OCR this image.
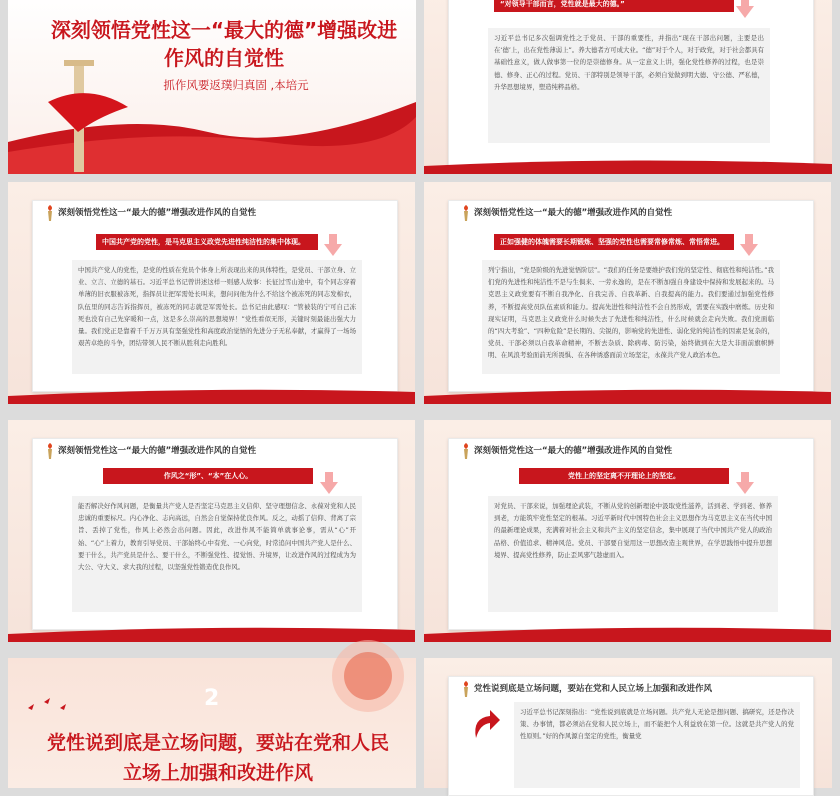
深刻领悟党性这一“最大的德”增强改进作风的自觉性
抓作风要返璞归真固 ,本培元
“对领导干部而言，党性就是最大的德。”
习近平总书记多次强调党性之于党员、干部的重要性，并指出“现在干部出问题，主要是出在‘德’上，出在党性薄弱上”。养大德者方可成大业。“德”对于个人，对于政党，对于社会都具有基础性意义，做人做事第一位的是崇德修身。从一定意义上讲，强化党性修养的过程，也是崇德、修身、正心的过程。党员、干部特别是领导干部，必须自觉做到明大德、守公德、严私德，升华思想境界，塑造纯粹品格。
深刻领悟党性这一“最大的德”增强改进作风的自觉性
中国共产党的党性，是马克思主义政党先进性纯洁性的集中体现。
中国共产党人的党性，是党的性质在党员个体身上所表现出来的具体特性，是党员、干部立身、立业、立言、立德的基石。习近平总书记曾讲述这样一则感人故事：长征过雪山途中，有个同志穿着单薄的旧衣服被冻死，指挥员让把军需处长叫来，想问问他为什么不给这个被冻死的同志发棉衣，队伍里的同志告诉指挥员，被冻死的同志就是军需处长。总书记由此感叹：“管被装的宁可自己冻死也没有自己先穿暖和一点，这是多么崇高的思想境界！”党性看似无形，关键时刻最能出强大力量。我们党正是靠着千千万万具有坚强党性和高度政治觉悟的先进分子无私奉献，才赢得了一场场艰苦卓绝的斗争，团结带领人民不断从胜利走向胜利。
深刻领悟党性这一“最大的德”增强改进作风的自觉性
正如强健的体魄需要长期锻炼、坚强的党性也需要常修常炼、常悟常进。
列宁指出，“党是阶级的先进觉悟阶层”。“我们的任务是要维护我们党的坚定性、彻底性和纯洁性。”我们党的先进性和纯洁性不是与生俱来、一劳永逸的，是在不断加强自身建设中保持和发展起来的。马克思主义政党要有不断自我净化、自我完善、自我革新、自我提高的能力。我们要通过加强党性修养，不断提高党员队伍素质和能力。提高先进性和纯洁性不会自然形成，需要在实践中磨炼。历史和现实证明，马克思主义政党什么时候失去了先进性和纯洁性，什么时候就会走向失败。我们党面临的“四大考验”、“四种危险”是长期的、尖锐的，影响党的先进性、弱化党的纯洁性的因素是复杂的，党员、干部必须以自我革命精神，不断去杂质、除病毒、防污染，始终做到在大是大非面前旗帜鲜明、在风浪考验面前无所畏惧、在各种诱惑面前立场坚定，永葆共产党人政治本色。
深刻领悟党性这一“最大的德”增强改进作风的自觉性
作风之“形”、“本”在人心。
能否解决好作风问题，是衡量共产党人是否坚定马克思主义信仰、坚守理想信念、永葆对党和人民忠诚的重要标尺。内心净化、志向高远，自然会自觉保持优良作风。反之，动摇了信仰、背离了宗旨、丢掉了党性，作风上必然会出问题。因此，改进作风不能简单就事论事，需从“心”开始、“心”上着力，教育引导党员、干部始终心中有党、一心向党，时常追问中国共产党人是什么、要干什么，共产党员是什么、要干什么，不断强党性、提觉悟、升境界，让改进作风的过程成为为大公、守大义、求大我的过程，以坚强党性锻造优良作风。
深刻领悟党性这一“最大的德”增强改进作风的自觉性
党性上的坚定离不开理论上的坚定。
对党员、干部来说，加强理论武装，不断从党的创新理论中汲取党性滋养，活到老、学到老、修养到老，方能筑牢党性坚定的根基。习近平新时代中国特色社会主义思想作为马克思主义在当代中国的最新理论成果，充满着对社会主义和共产主义的坚定信念，集中展现了当代中国共产党人的政治品格、价值追求、精神风范。党员、干部要自觉用这一思想改造主观世界，在学思践悟中提升思想境界、提高党性修养，防止歪风邪气趁虚而入。
2
党性说到底是立场问题，要站在党和人民立场上加强和改进作风
党性说到底是立场问题，要站在党和人民立场上加强和改进作风
习近平总书记深刻指出：“党性说到底就是立场问题。共产党人无论是想问题、搞研究，还是作决策、办事情，都必须站在党和人民立场上，而不能把个人利益放在第一位。这就是共产党人的党性原则。”好的作风源自坚定的党性，衡量党
